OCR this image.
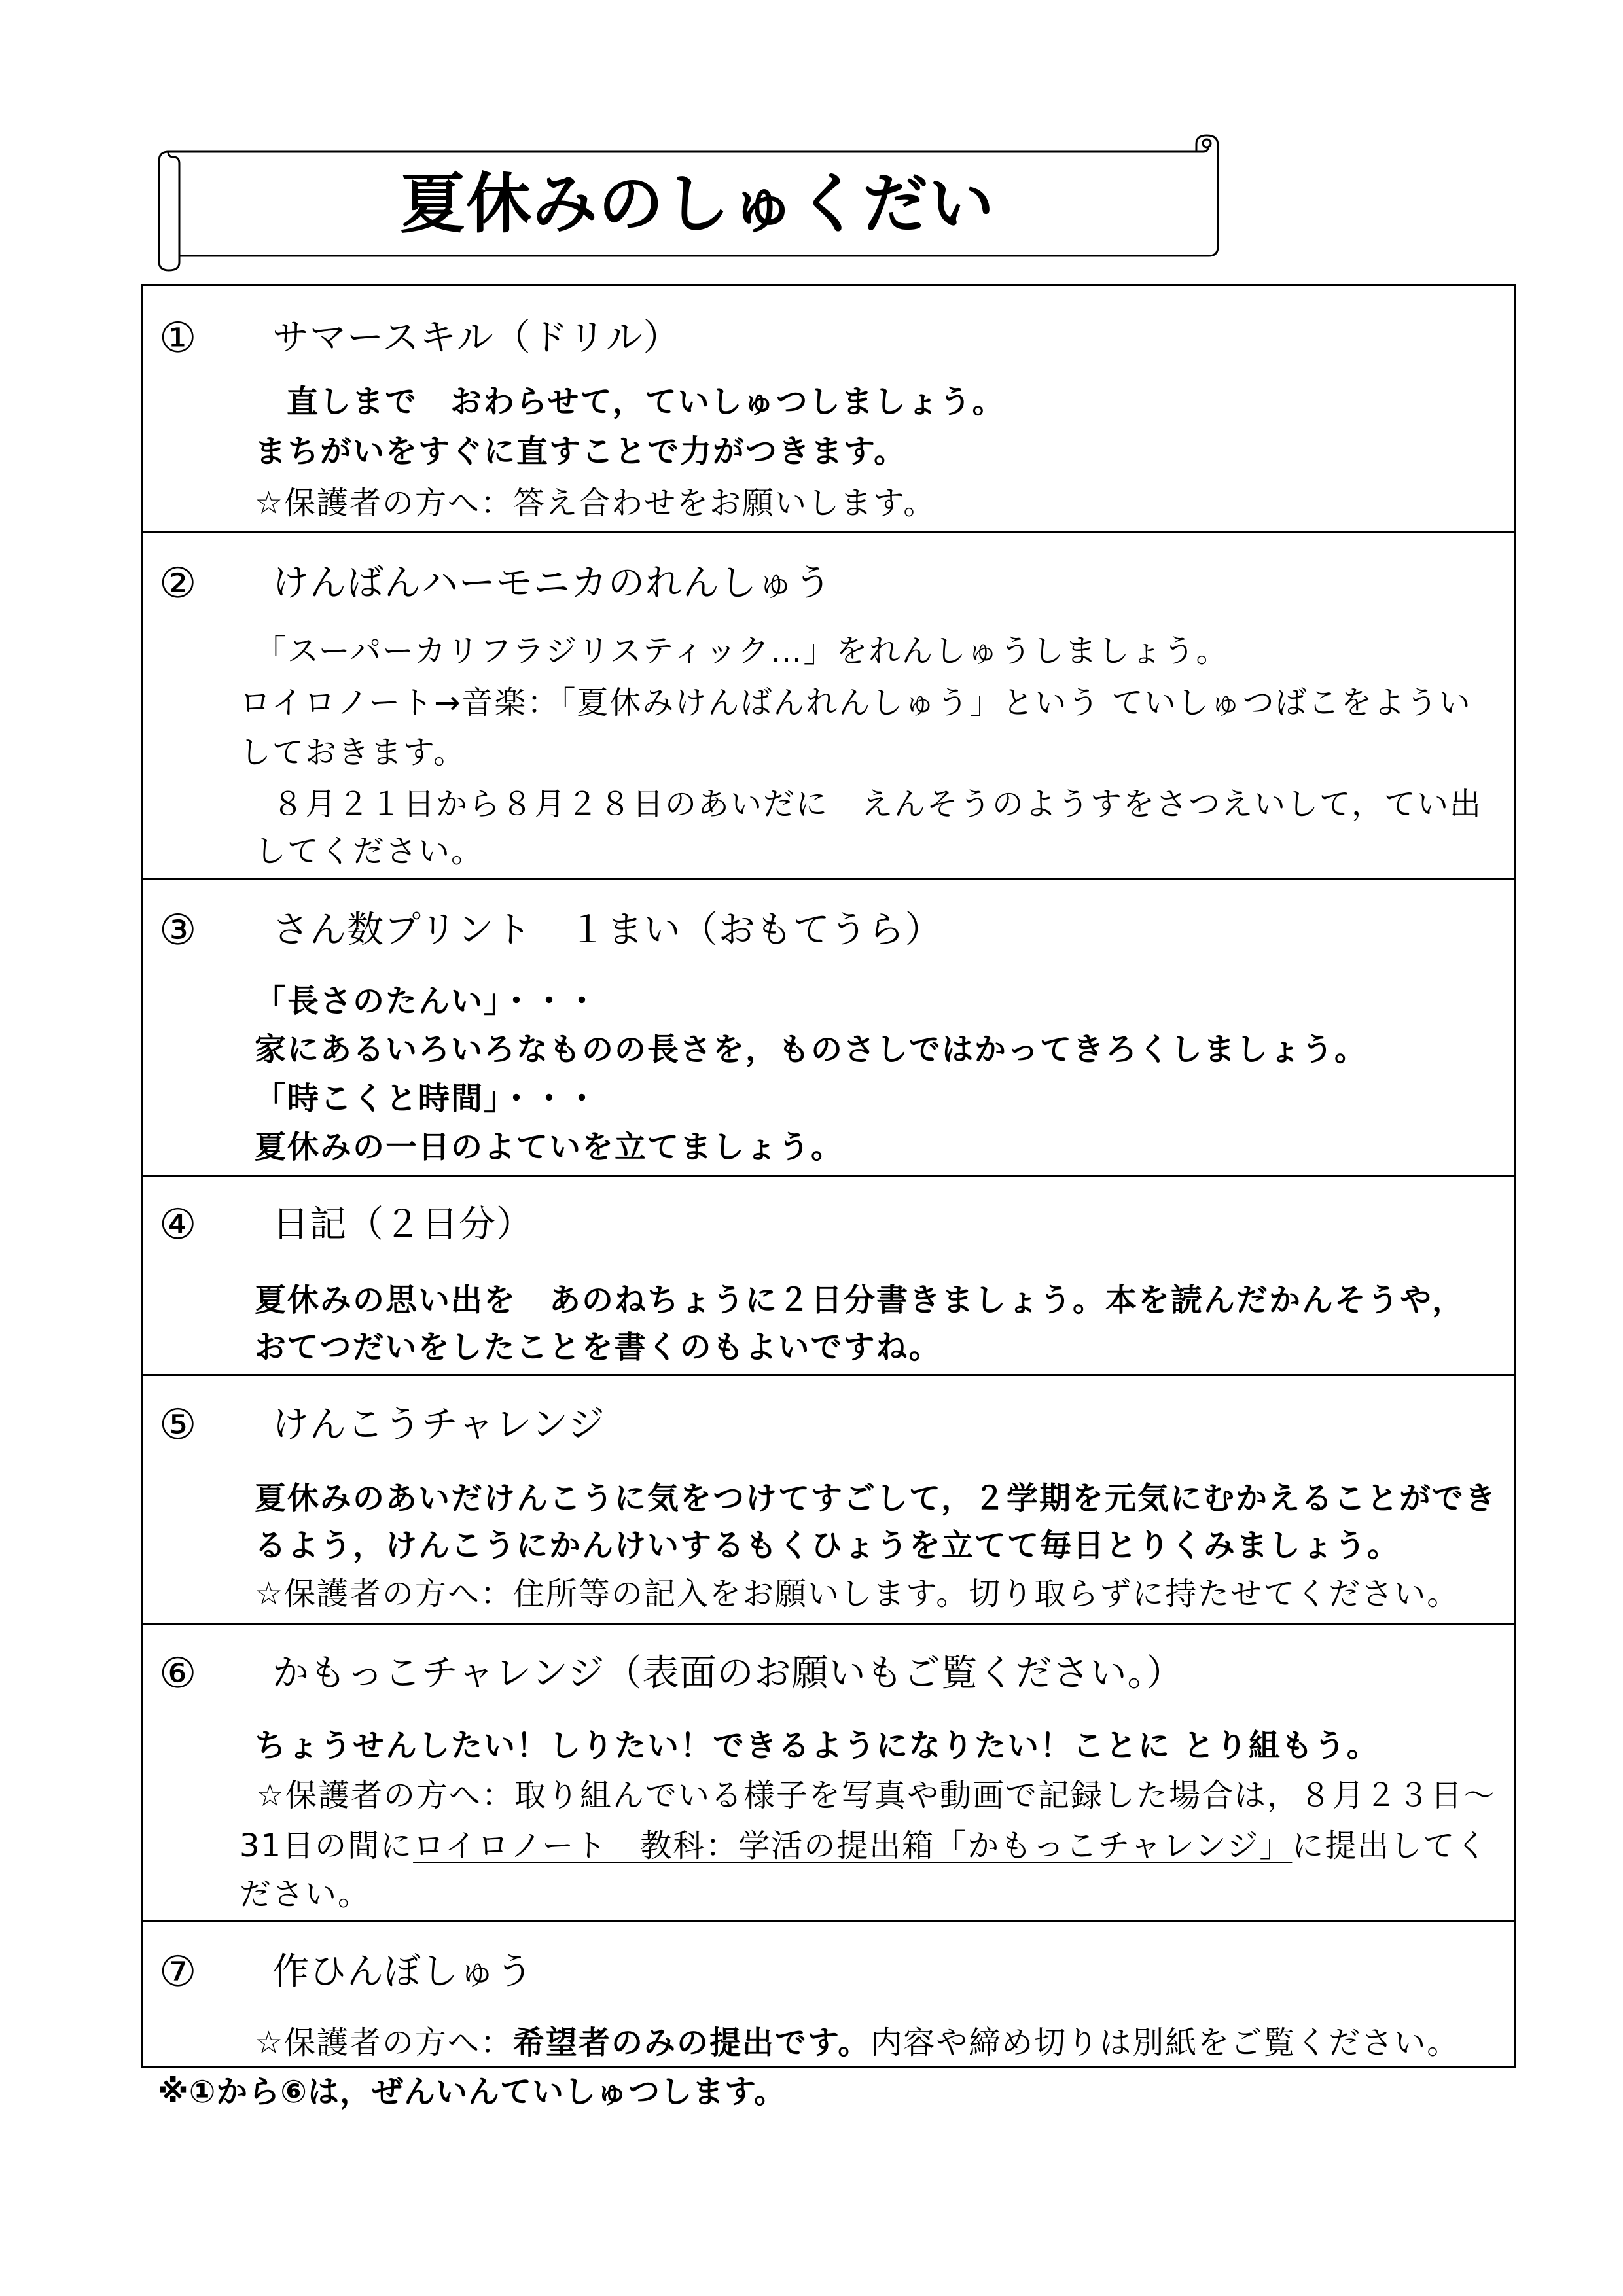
夏休みのしゅくだい
① サマースキル（ドリル）
直しまで　おわらせて，ていしゅつしましょう。
まちがいをすぐに直すことで力がつきます。
☆保護者の方へ：答え合わせをお願いします。
② けんばんハーモニカのれんしゅう
「スーパーカリフラジリスティック…」をれんしゅうしましょう。
ロイロノート→音楽：「夏休みけんばんれんしゅう」という ていしゅつばこをようい
しておきます。
８月２１日から８月２８日のあいだに　えんそうのようすをさつえいして，てい出
してください。
③ さん数プリント　１まい（おもてうら）
「長さのたんい」・・・
家にあるいろいろなものの長さを，ものさしではかってきろくしましょう。
「時こくと時間」・・・
夏休みの一日のよていを立てましょう。
④ 日記（２日分）
夏休みの思い出を　あのねちょうに２日分書きましょう。本を読んだかんそうや，
おてつだいをしたことを書くのもよいですね。
⑤ けんこうチャレンジ
夏休みのあいだけんこうに気をつけてすごして，２学期を元気にむかえることができ
るよう，けんこうにかんけいするもくひょうを立てて毎日とりくみましょう。
☆保護者の方へ：住所等の記入をお願いします。切り取らずに持たせてください。
⑥ かもっこチャレンジ（表面のお願いもご覧ください。）
ちょうせんしたい！しりたい！できるようになりたい！ことに とり組もう。
☆保護者の方へ：取り組んでいる様子を写真や動画で記録した場合は，８月２３日～
31日の間にロイロノート　教科：学活の提出箱「かもっこチャレンジ」に提出してく
ださい。
⑦ 作ひんぼしゅう
☆保護者の方へ：希望者のみの提出です。内容や締め切りは別紙をご覧ください。
※①から⑥は，ぜんいんていしゅつします。
